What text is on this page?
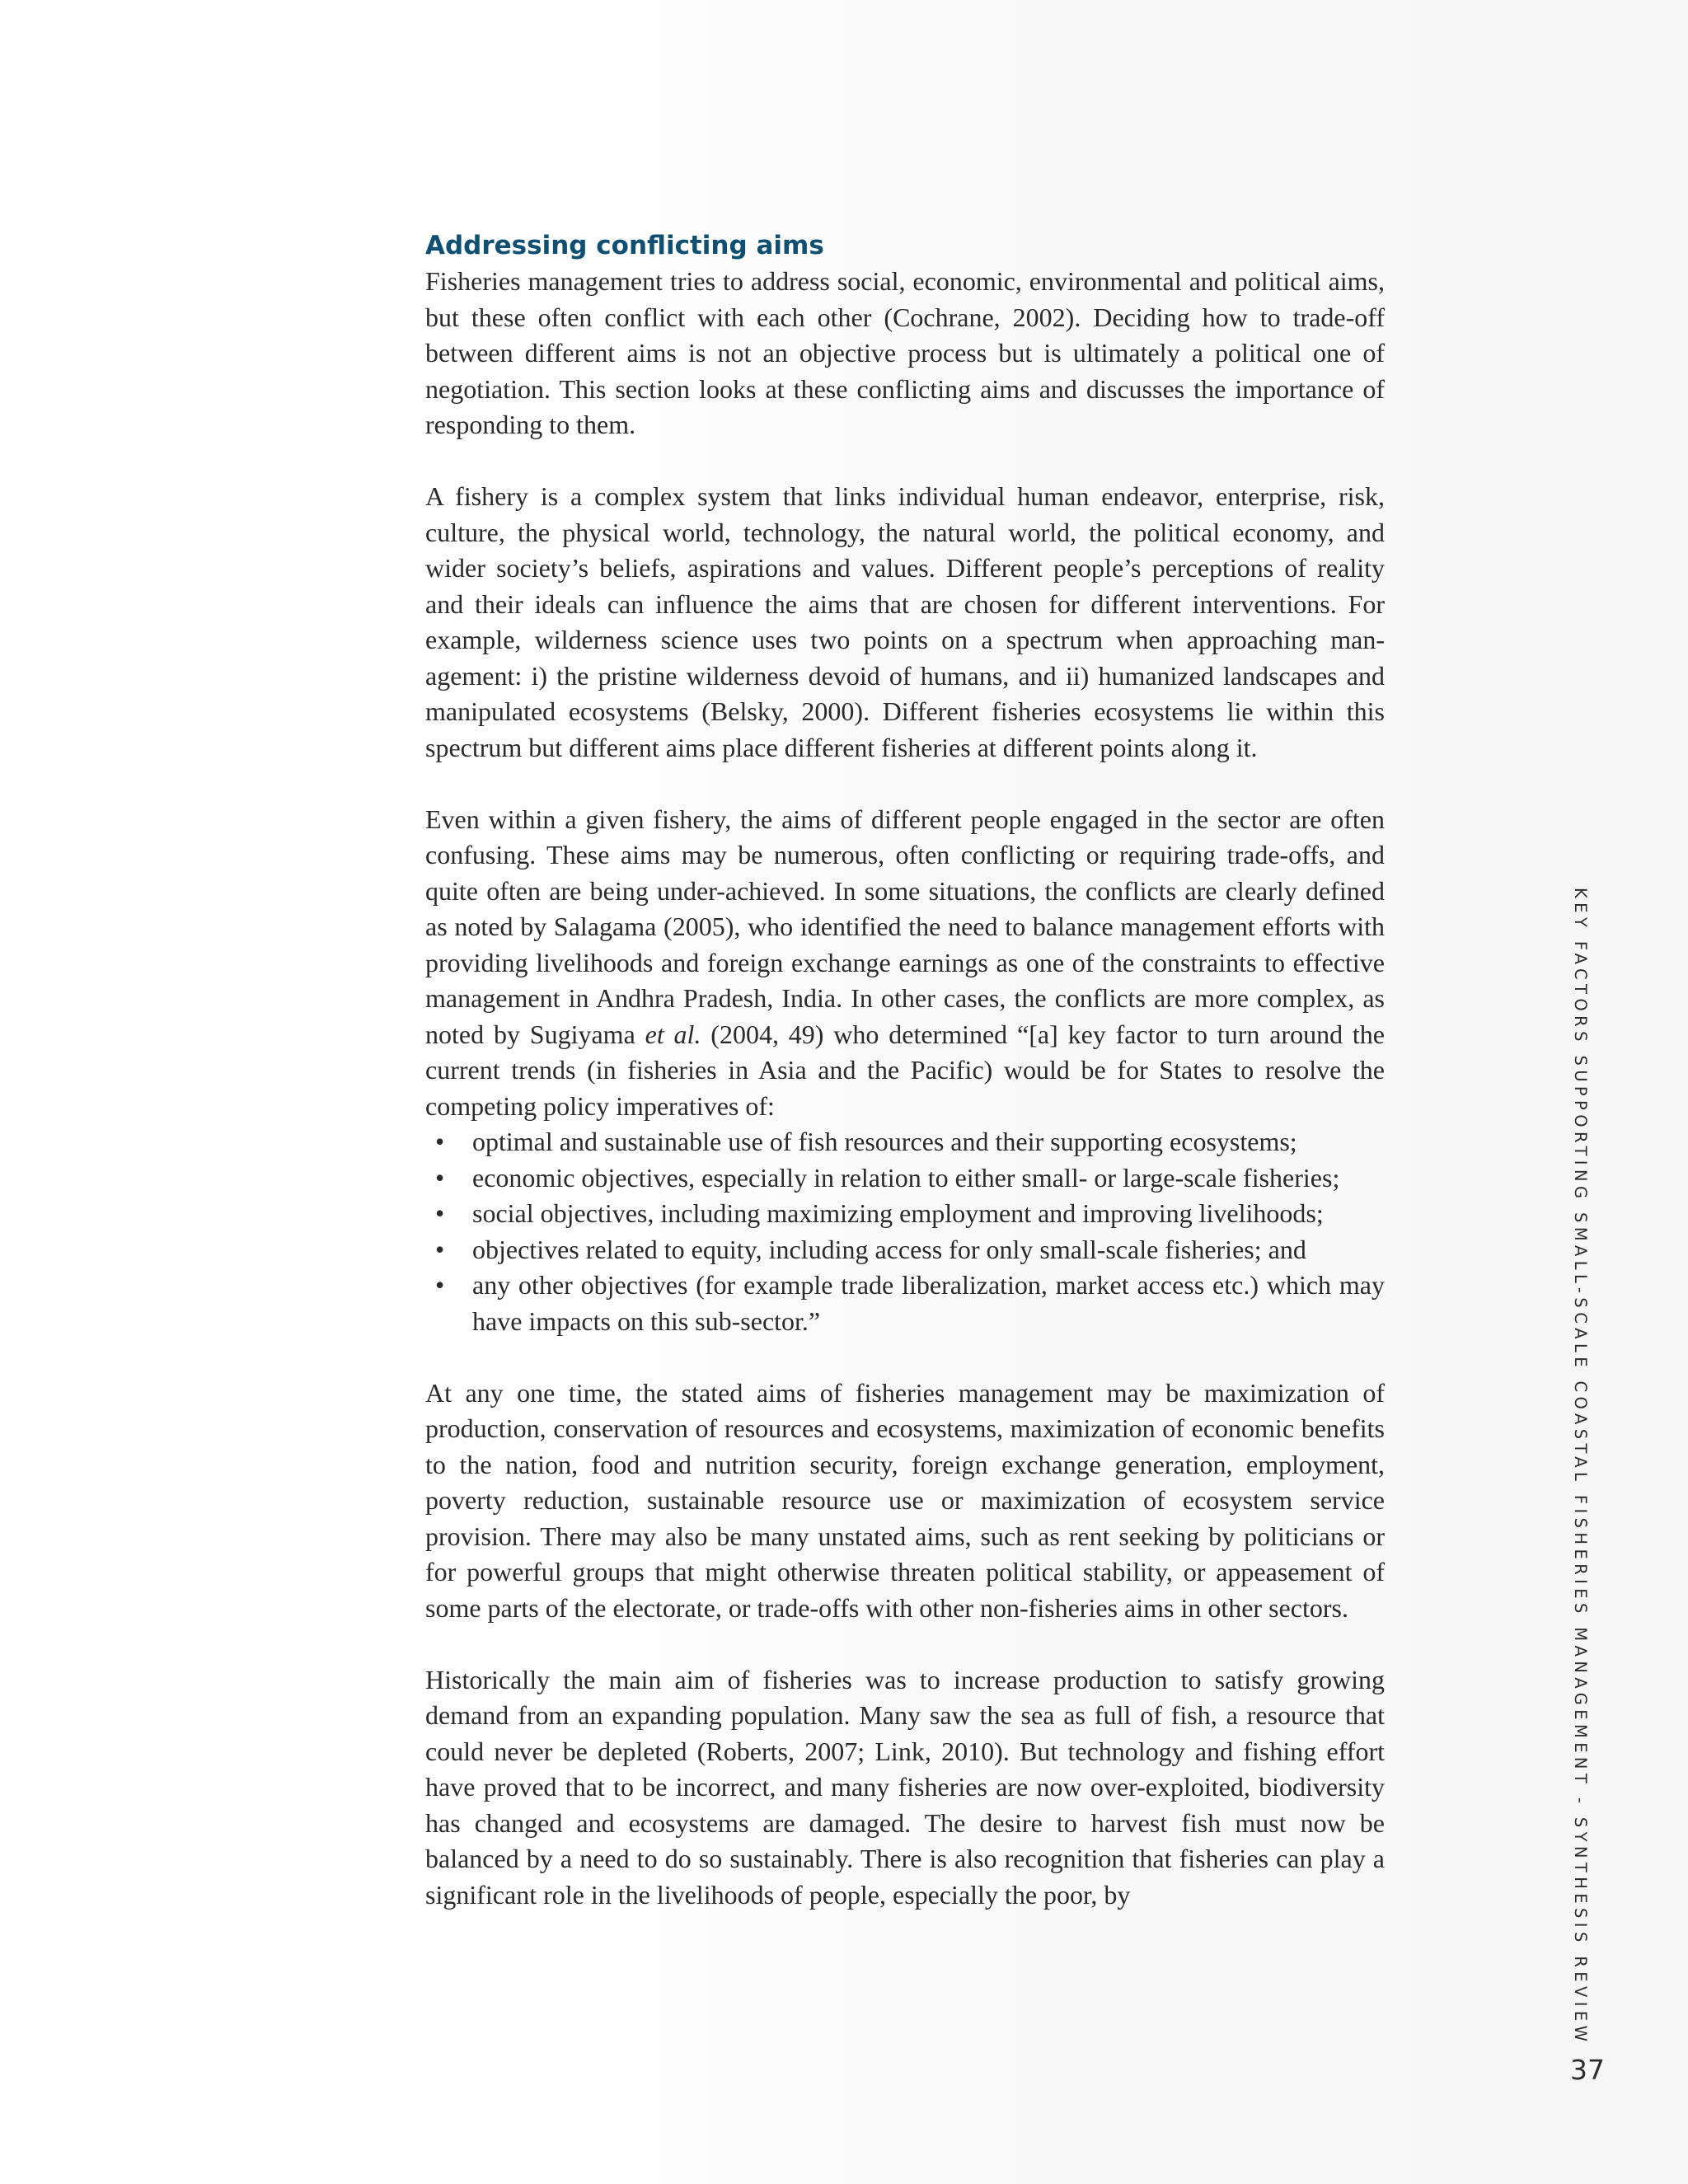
Addressing conflicting aims

Fisheries management tries to address social, economic, environmental and political aims, but these often conflict with each other (Cochrane, 2002). Deciding how to trade-off between different aims is not an objective process but is ultimately a political one of negotiation. This section looks at these conflicting aims and discusses the importance of responding to them.

A fishery is a complex system that links individual human endeavor, enterprise, risk, culture, the physical world, technology, the natural world, the political economy, and wider society’s beliefs, aspirations and values. Different people’s perceptions of reality and their ideals can influence the aims that are chosen for different interventions. For example, wilderness science uses two points on a spectrum when approaching management: i) the pristine wilderness devoid of humans, and ii) humanized landscapes and manipulated ecosystems (Belsky, 2000). Different fisheries ecosystems lie within this spectrum but different aims place different fisheries at different points along it.

Even within a given fishery, the aims of different people engaged in the sector are often confusing. These aims may be numerous, often conflicting or requiring trade-offs, and quite often are being under-achieved. In some situations, the conflicts are clearly defined as noted by Salagama (2005), who identified the need to balance management efforts with providing livelihoods and foreign exchange earnings as one of the constraints to effective management in Andhra Pradesh, India. In other cases, the conflicts are more complex, as noted by Sugiyama et al. (2004, 49) who determined “[a] key factor to turn around the current trends (in fisheries in Asia and the Pacific) would be for States to resolve the competing policy imperatives of:

• optimal and sustainable use of fish resources and their supporting ecosystems;
• economic objectives, especially in relation to either small- or large-scale fisheries;
• social objectives, including maximizing employment and improving livelihoods;
• objectives related to equity, including access for only small-scale fisheries; and
• any other objectives (for example trade liberalization, market access etc.) which may have impacts on this sub-sector.”

At any one time, the stated aims of fisheries management may be maximization of production, conservation of resources and ecosystems, maximization of economic benefits to the nation, food and nutrition security, foreign exchange generation, employment, poverty reduction, sustainable resource use or maximization of ecosystem service provision. There may also be many unstated aims, such as rent seeking by politicians or for powerful groups that might otherwise threaten political stability, or appeasement of some parts of the electorate, or trade-offs with other non-fisheries aims in other sectors.

Historically the main aim of fisheries was to increase production to satisfy growing demand from an expanding population. Many saw the sea as full of fish, a resource that could never be depleted (Roberts, 2007; Link, 2010). But technology and fishing effort have proved that to be incorrect, and many fisheries are now over-exploited, biodiversity has changed and ecosystems are damaged. The desire to harvest fish must now be balanced by a need to do so sustainably. There is also recognition that fisheries can play a significant role in the livelihoods of people, especially the poor, by	KEY FACTORS SUPPORTING SMALL-SCALE COASTAL FISHERIES MANAGEMENT - SYNTHESIS REVIEW
37
